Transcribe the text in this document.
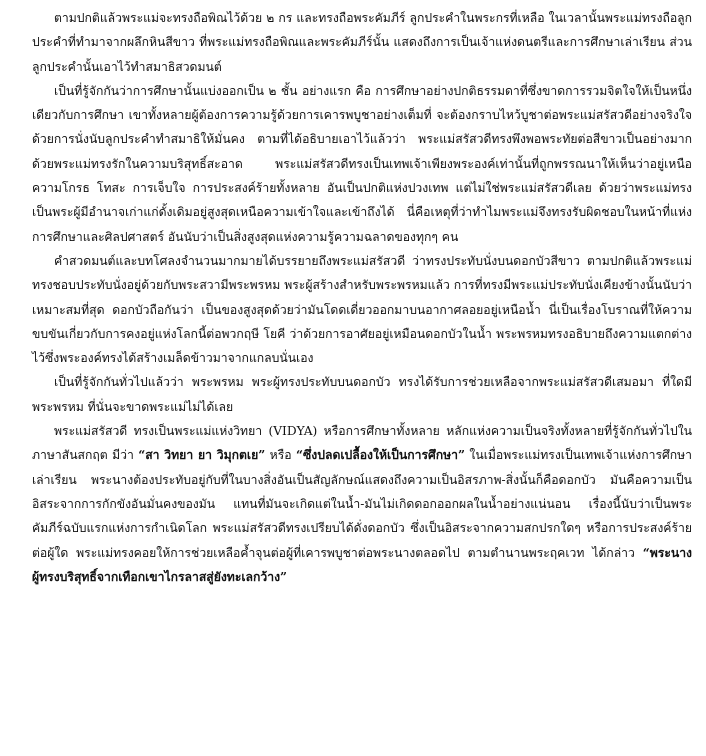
ตามปกติแล้วพระแม่จะทรงถือพิณไว้ด้วย ๒ กร และทรงถือพระคัมภีร์ ลูกประคำในพระกรที่เหลือ ในเวลานั้นพระแม่ทรงถือลูกประคำที่ทำมาจากผลึกหินสีขาว ที่พระแม่ทรงถือพิณและพระคัมภีร์นั้น แสดงถึงการเป็นเจ้าแห่งดนตรีและการศึกษาเล่าเรียน ส่วนลูกประคำนั้นเอาไว้ทำสมาธิสวดมนต์

เป็นที่รู้จักกันว่าการศึกษานั้นแบ่งออกเป็น ๒ ชั้น อย่างแรก คือ การศึกษาอย่างปกติธรรมดาที่ซึ่งขาดการรวมจิตใจให้เป็นหนึ่งเดียวกับการศึกษา เขาทั้งหลายผู้ต้องการความรู้ด้วยการเคารพบูชาอย่างเต็มที่ จะต้องกราบไหว้บูชาต่อพระแม่สรัสวดีอย่างจริงใจ ด้วยการนั่งนับลูกประคำทำสมาธิให้มั่นคง ตามที่ได้อธิบายเอาไว้แล้วว่า พระแม่สรัสวดีทรงพึงพอพระทัยต่อสีขาวเป็นอย่างมาก ด้วยพระแม่ทรงรักในความบริสุทธิ์สะอาด พระแม่สรัสวดีทรงเป็นเทพเจ้าเพียงพระองค์เท่านั้นที่ถูกพรรณนาให้เห็นว่าอยู่เหนือความโกรธ โทสะ การเจ็บใจ การประสงค์ร้ายทั้งหลาย อันเป็นปกติแห่งปวงเทพ แต่ไม่ใช่พระแม่สรัสวดีเลย ด้วยว่าพระแม่ทรงเป็นพระผู้มีอำนาจเก่าแก่ดั้งเดิมอยู่สูงสุดเหนือความเข้าใจและเข้าถึงได้ นี่คือเหตุที่ว่าทำไมพระแม่จึงทรงรับผิดชอบในหน้าที่แห่งการศึกษาและศิลปศาสตร์ อันนับว่าเป็นสิ่งสูงสุดแห่งความรู้ความฉลาดของทุกๆ คน

คำสวดมนต์และบทโศลงจำนวนมากมายได้บรรยายถึงพระแม่สรัสวดี ว่าทรงประทับนั่งบนดอกบัวสีขาว ตามปกติแล้วพระแม่ทรงชอบประทับนั่งอยู่ด้วยกับพระสวามีพระพรหม พระผู้สร้างสำหรับพระพรหมแล้ว การที่ทรงมีพระแม่ประทับนั่งเคียงข้างนั้นนับว่าเหมาะสมที่สุด ดอกบัวถือกันว่า เป็นของสูงสุดด้วยว่ามันโดดเดี่ยวออกมาบนอากาศลอยอยู่เหนือน้ำ นี่เป็นเรื่องโบราณที่ให้ความขบขันเกี่ยวกับการคงอยู่แห่งโลกนี้ต่อพวกฤษี โยคี ว่าด้วยการอาศัยอยู่เหมือนดอกบัวในน้ำ พระพรหมทรงอธิบายถึงความแตกต่างไว้ซึ่งพระองค์ทรงได้สร้างเมล็ดข้าวมาจากแกลบนั่นเอง

เป็นที่รู้จักกันทั่วไปแล้วว่า พระพรหม พระผู้ทรงประทับบนดอกบัว ทรงได้รับการช่วยเหลือจากพระแม่สรัสวดีเสมอมา ที่ใดมีพระพรหม ที่นั่นจะขาดพระแม่ไม่ได้เลย

พระแม่สรัสวดี ทรงเป็นพระแม่แห่งวิทยา (VIDYA) หรือการศึกษาทั้งหลาย หลักแห่งความเป็นจริงทั้งหลายที่รู้จักกันทั่วไปในภาษาสันสกฤต มีว่า “สา วิทยา ยา วิมุกตเย” หรือ “ซึ่งปลดเปลื้องให้เป็นการศึกษา” ในเมื่อพระแม่ทรงเป็นเทพเจ้าแห่งการศึกษาเล่าเรียน พระนางต้องประทับอยู่กับที่ในบางสิ่งอันเป็นสัญลักษณ์แสดงถึงความเป็นอิสรภาพ-สิ่งนั้นก็คือดอกบัว มันคือความเป็นอิสระจากการกักขังอันมั่นคงของมัน แทนที่มันจะเกิดแต่ในน้ำ-มันไม่เกิดดอกออกผลในน้ำอย่างแน่นอน เรื่องนี้นับว่าเป็นพระคัมภีร์ฉบับแรกแห่งการกำเนิดโลก พระแม่สรัสวดีทรงเปรียบได้ดั่งดอกบัว ซึ่งเป็นอิสระจากความสกปรกใดๆ หรือการประสงค์ร้ายต่อผู้ใด พระแม่ทรงคอยให้การช่วยเหลือค้ำจุนต่อผู้ที่เคารพบูชาต่อพระนางตลอดไป ตามตำนานพระฤคเวท ได้กล่าว “พระนางผู้ทรงบริสุทธิ์จากเทือกเขาไกรลาสสู่ยังทะเลกว้าง”
